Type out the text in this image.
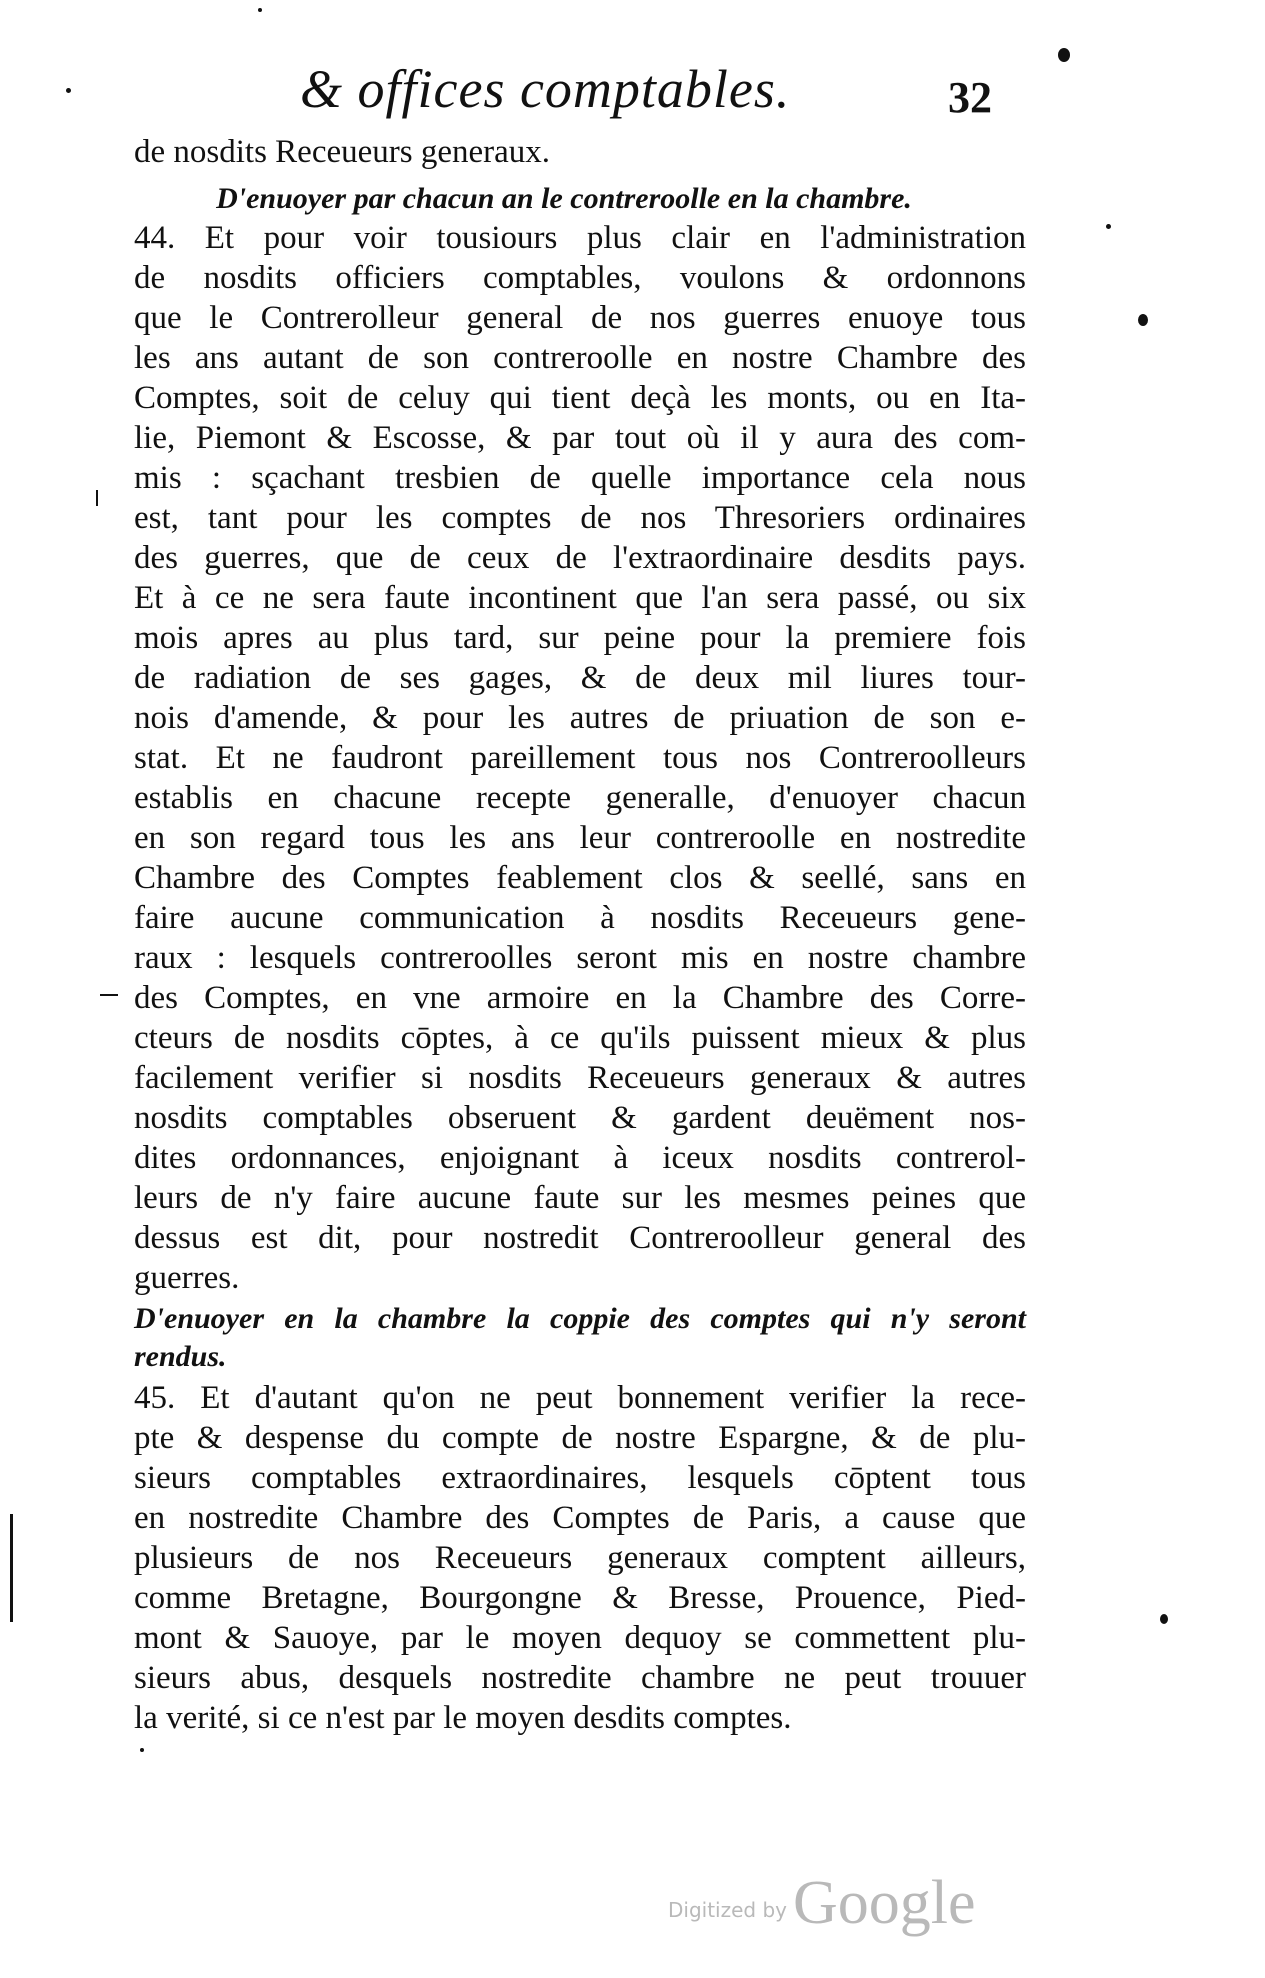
& offices comptables.	32
de nosdits Receueurs generaux.
D'enuoyer par chacun an le contreroolle en la chambre.
44. Et pour voir tousiours plus clair en l'administration
de nosdits officiers comptables, voulons & ordonnons
que le Contrerolleur general de nos guerres enuoye tous
les ans autant de son contreroolle en nostre Chambre des
Comptes, soit de celuy qui tient deçà les monts, ou en Ita-
lie, Piemont & Escosse, & par tout où il y aura des com-
mis : sçachant tresbien de quelle importance cela nous
est, tant pour les comptes de nos Thresoriers ordinaires
des guerres, que de ceux de l'extraordinaire desdits pays.
Et à ce ne sera faute incontinent que l'an sera passé, ou six
mois apres au plus tard, sur peine pour la premiere fois
de radiation de ses gages, & de deux mil liures tour-
nois d'amende, & pour les autres de priuation de son e-
stat. Et ne faudront pareillement tous nos Contreroolleurs
establis en chacune recepte generalle, d'enuoyer chacun
en son regard tous les ans leur contreroolle en nostredite
Chambre des Comptes feablement clos & seellé, sans en
faire aucune communication à nosdits Receueurs gene-
raux : lesquels contreroolles seront mis en nostre chambre
des Comptes, en vne armoire en la Chambre des Corre-
cteurs de nosdits cōptes, à ce qu'ils puissent mieux & plus
facilement verifier si nosdits Receueurs generaux & autres
nosdits comptables obseruent & gardent deuëment nos-
dites ordonnances, enjoignant à iceux nosdits contrerol-
leurs de n'y faire aucune faute sur les mesmes peines que
dessus est dit, pour nostredit Contreroolleur general des
guerres.
D'enuoyer en la chambre la coppie des comptes qui n'y seront
rendus.
45. Et d'autant qu'on ne peut bonnement verifier la rece-
pte & despense du compte de nostre Espargne, & de plu-
sieurs comptables extraordinaires, lesquels cōptent tous
en nostredite Chambre des Comptes de Paris, a cause que
plusieurs de nos Receueurs generaux comptent ailleurs,
comme Bretagne, Bourgongne & Bresse, Prouence, Pied-
mont & Sauoye, par le moyen dequoy se commettent plu-
sieurs abus, desquels nostredite chambre ne peut trouuer
la verité, si ce n'est par le moyen desdits comptes.
Digitized byGoogle
